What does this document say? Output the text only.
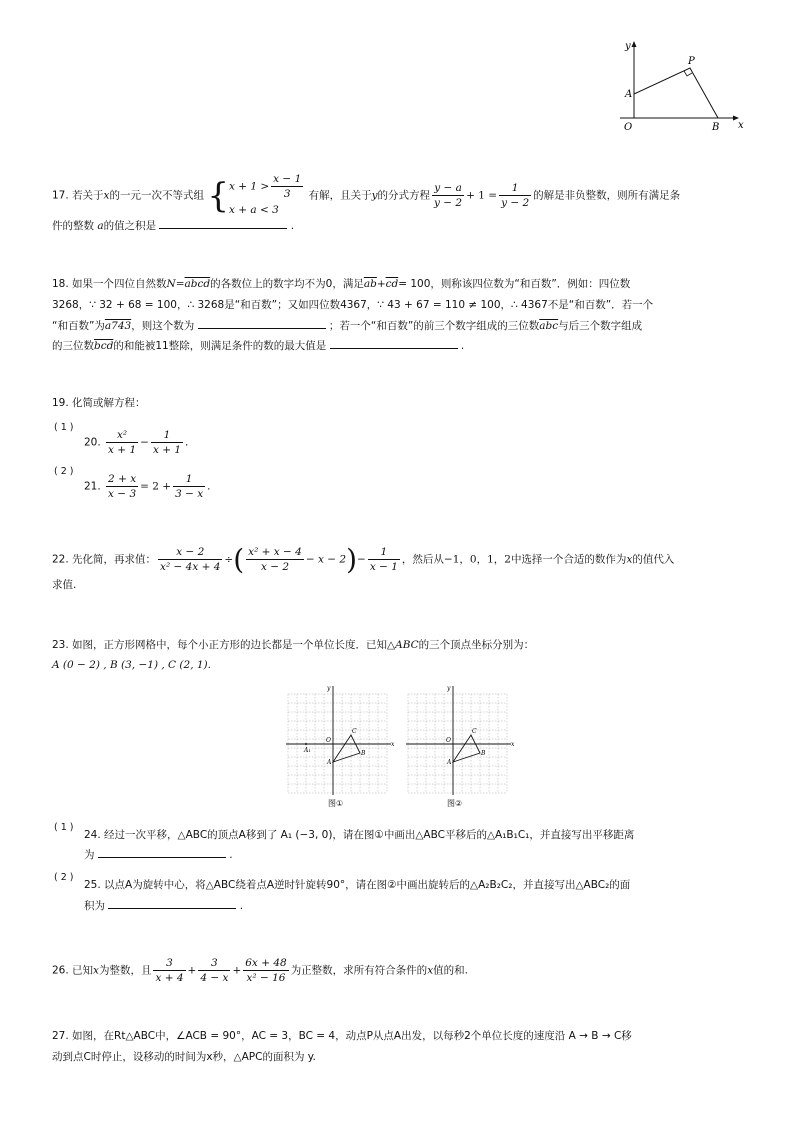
y
x
P
A
O	B
17. 若关于x的一元一次不等式组 { $x + 1 > \frac{x - 1}{3}$
x + a < 3
有解，且关于y的分式方程 $\frac{y - a}{y - 2} + 1 = \frac{1}{y - 2}$ 的解是非负整数，则所有满足条
件的整数 a的值之积是	.
18. 如果一个四位自然数N=abcd的各数位上的数字均不为0，满足$\overline{ab}+\overline{cd}= 100$，则称该四位数为“和百数”．例如：四位数
3268，∵ 32 + 68 = 100，∴ 3268是“和百数”；又如四位数4367，∵ 43 + 67 = 110 ≠ 100，∴ 4367不是“和百数”．若一个
“和百数”为a743，则这个数为	；若一个“和百数”的前三个数字组成的三位数$\overline{abc}$与后三个数字组成
的三位数$\overline{bcd}$的和能被11整除，则满足条件的数的最大值是	.
19. 化简或解方程：
( 1 )
20. $\frac{\text{x²}}{x + 1} - \frac{1}{x + 1}$ .
( 2 )
21. $\frac{2 + x}{x - 3} = 2 + \frac{1}{3 - x}$ .
22. 先化简，再求值： $\frac{x - 2}{\text{x² − 4x + 4}}$ ÷( $\frac{\text{x² + x − 4}}{x - 2} - x - 2)- \frac{1}{x - 1}$ ，然后从−1，0，1，2中选择一个合适的数作为x的值代入
求值.
23. 如图，正方形网格中，每个小正方形的边长都是一个单位长度．已知△ABC的三个顶点坐标分别为：
A (0 − 2) , B (3, −1) , C (2, 1).
x
y
O
A
B
C
A₁
x
y
O
A
B
C
图①	图②
( 1 )
24. 经过一次平移，△ABC的顶点A移到了 A₁ (−3, 0)，请在图①中画出△ABC平移后的△A₁B₁C₁，并直接写出平移距离
为	.
( 2 )
25. 以点A为旋转中心，将△ABC绕着点A逆时针旋转90°，请在图②中画出旋转后的△A₂B₂C₂，并直接写出△ABC₂的面
积为	.
26. 已知x为整数，且 $\frac{3}{x + 4} + \frac{3}{4 - x} + \frac{6x + 48}{\text{x² − 16}}$ 为正整数，求所有符合条件的x值的和.
27. 如图，在Rt△ABC中，∠ACB = 90°，AC = 3，BC = 4，动点P从点A出发，以每秒2个单位长度的速度沿 A → B → C移
动到点C时停止，设移动的时间为x秒，△APC的面积为 y.
